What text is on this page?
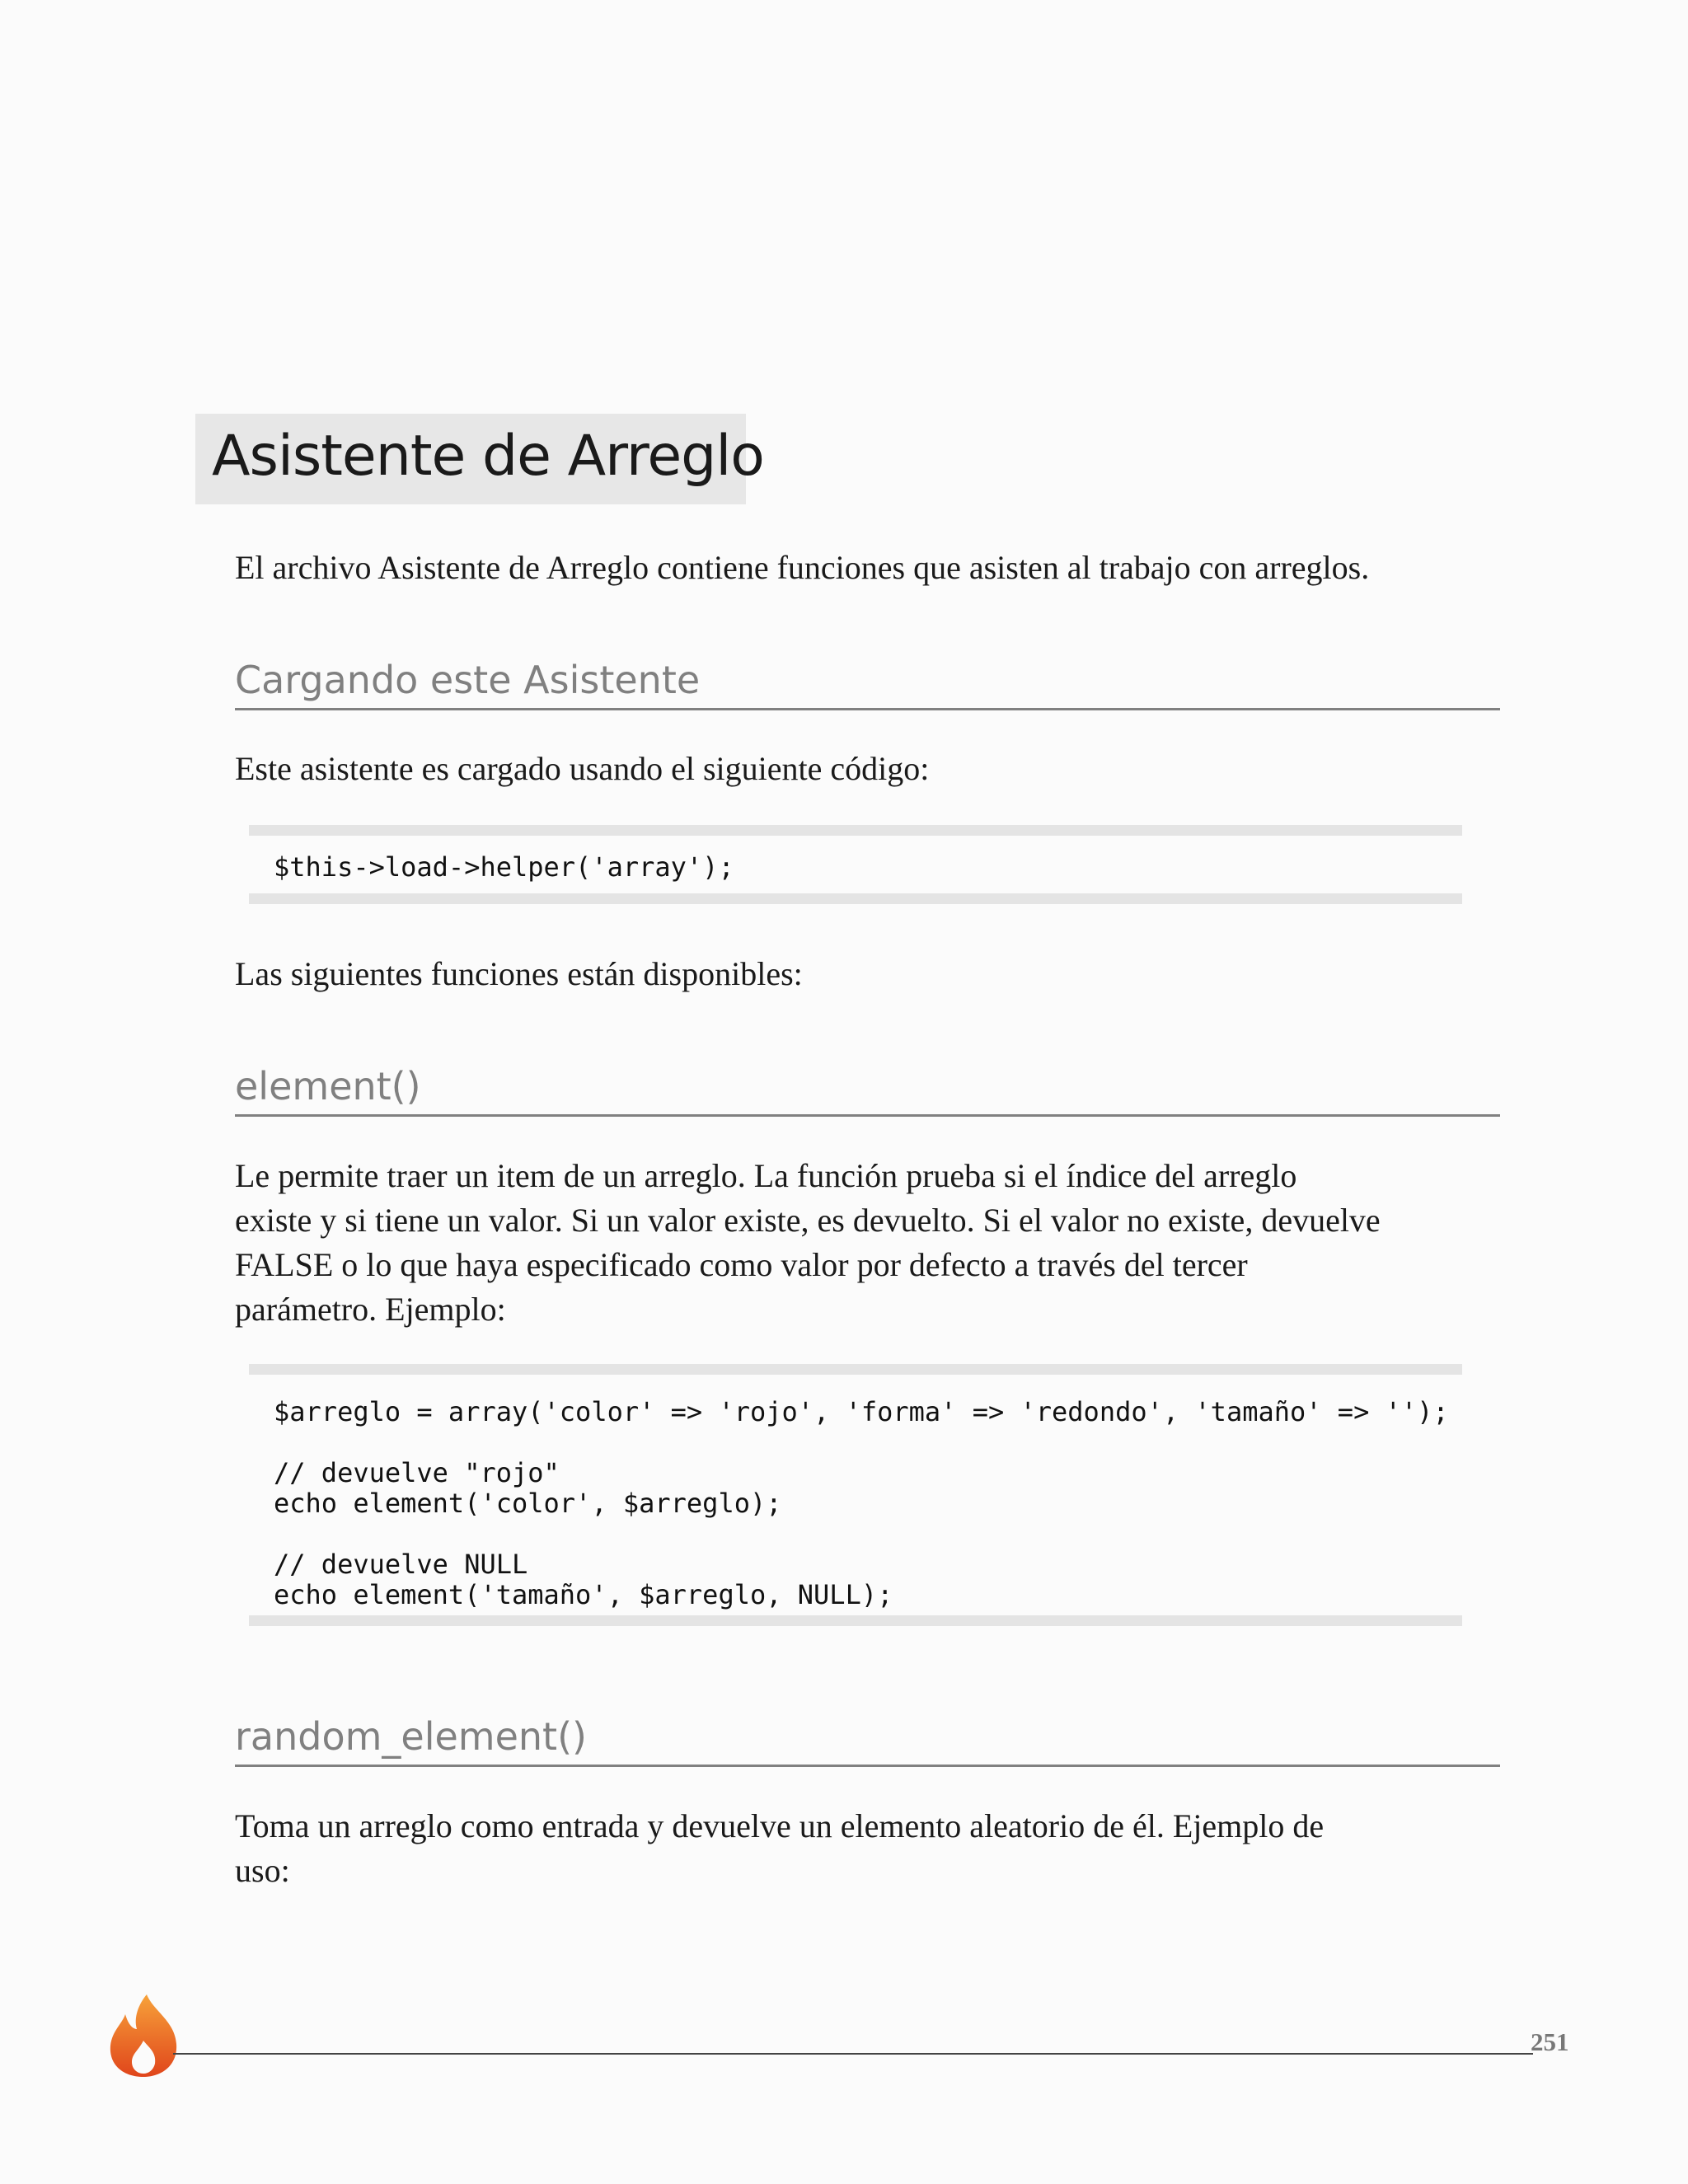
Asistente de Arreglo

El archivo Asistente de Arreglo contiene funciones que asisten al trabajo con arreglos.

Cargando este Asistente

Este asistente es cargado usando el siguiente código:

$this->load->helper('array');

Las siguientes funciones están disponibles:

element()
Le permite traer un item de un arreglo. La función prueba si el índice del arreglo
existe y si tiene un valor. Si un valor existe, es devuelto. Si el valor no existe, devuelve
FALSE o lo que haya especificado como valor por defecto a través del tercer
parámetro. Ejemplo:
$arreglo = array('color' => 'rojo', 'forma' => 'redondo', 'tamaño' => '');
// devuelve "rojo"
echo element('color', $arreglo);
// devuelve NULL
echo element('tamaño', $arreglo, NULL);
random_element()
Toma un arreglo como entrada y devuelve un elemento aleatorio de él. Ejemplo de
uso:
251
